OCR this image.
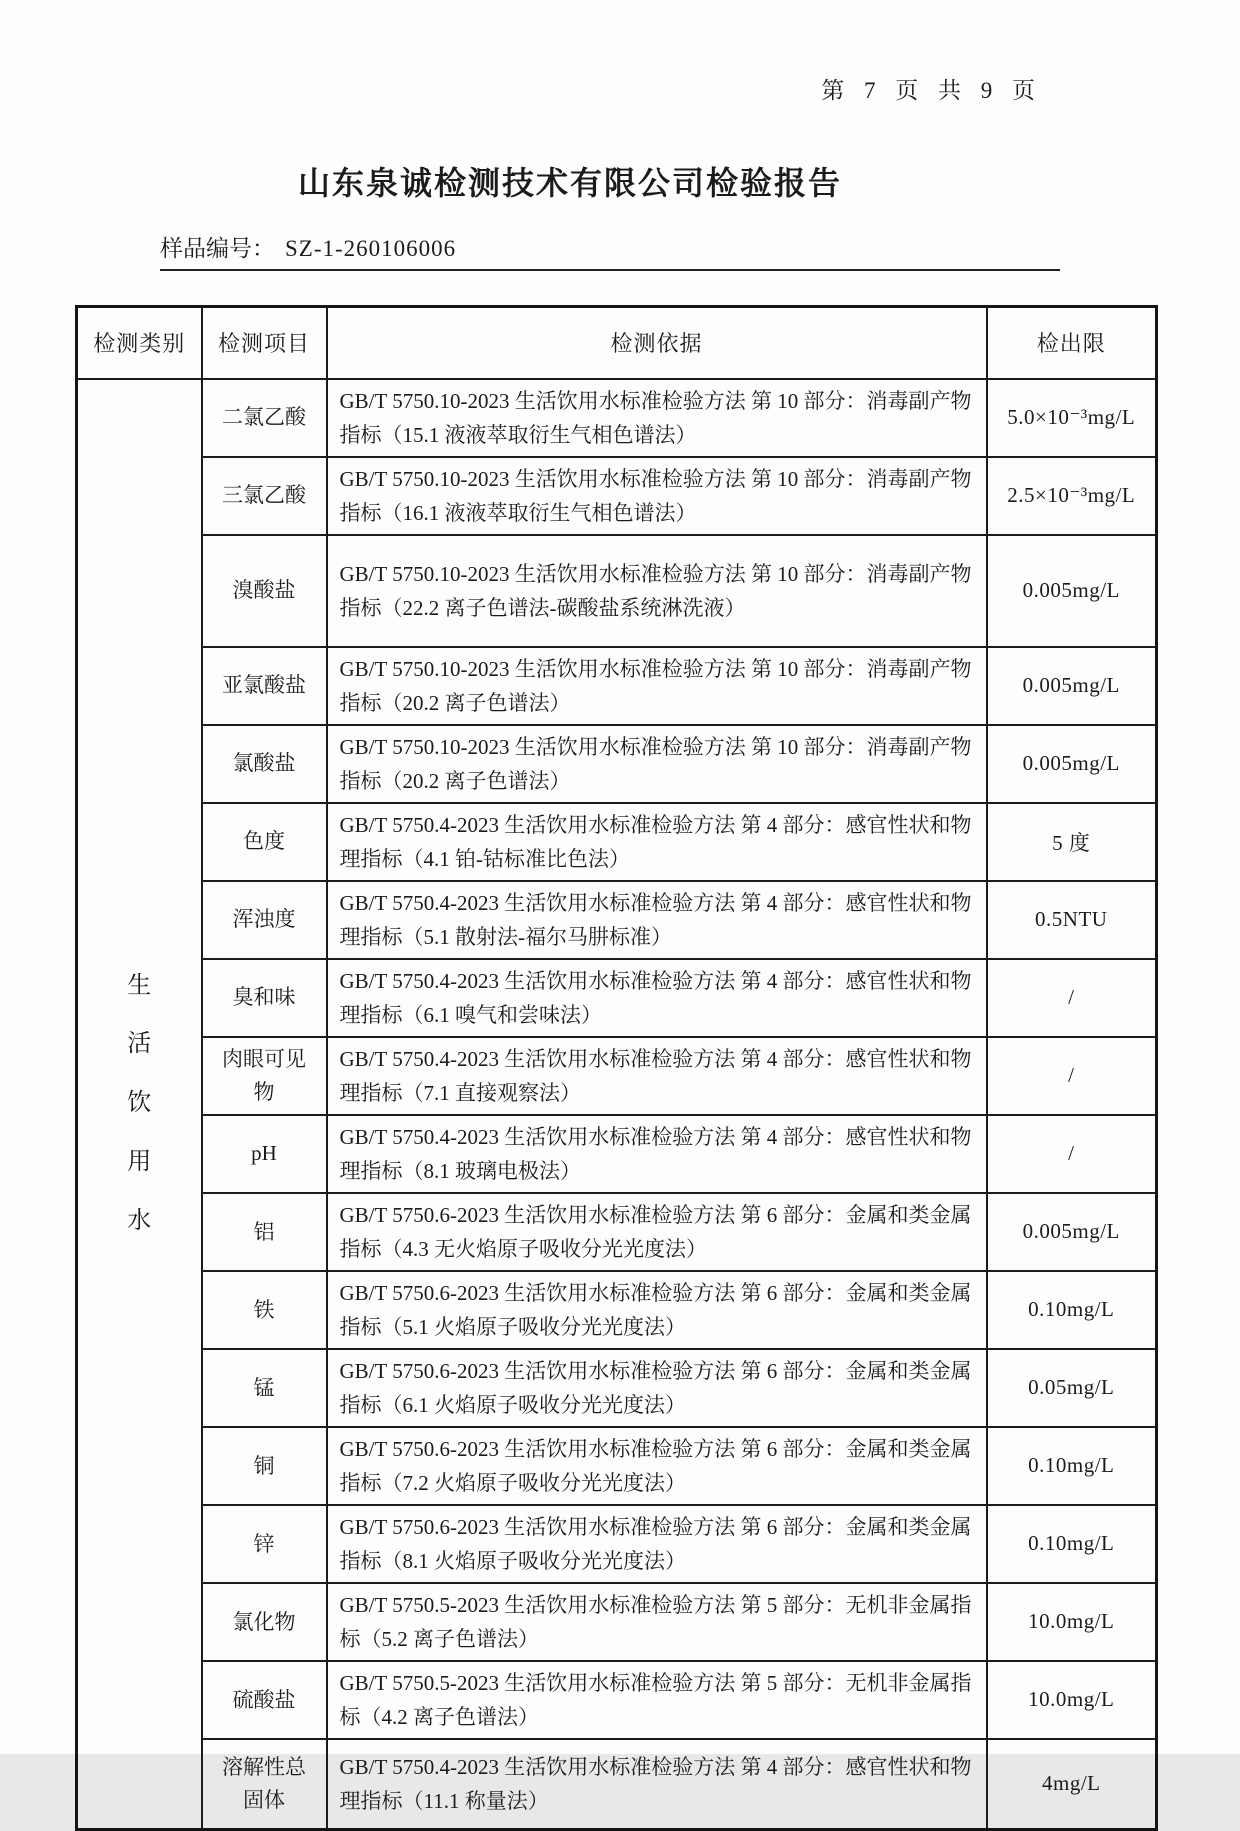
第 7 页 共 9 页
山东泉诚检测技术有限公司检验报告
样品编号： SZ-1-260106006
检测类别	检测项目	检测依据	检出限

生活饮用水	二氯乙酸	GB/T 5750.10-2023 生活饮用水标准检验方法 第 10 部分：消毒副产物指标（15.1 液液萃取衍生气相色谱法）	5.0×10⁻³mg/L
	三氯乙酸	GB/T 5750.10-2023 生活饮用水标准检验方法 第 10 部分：消毒副产物指标（16.1 液液萃取衍生气相色谱法）	2.5×10⁻³mg/L
	溴酸盐	GB/T 5750.10-2023 生活饮用水标准检验方法 第 10 部分：消毒副产物指标（22.2 离子色谱法-碳酸盐系统淋洗液）	0.005mg/L
	亚氯酸盐	GB/T 5750.10-2023 生活饮用水标准检验方法 第 10 部分：消毒副产物指标（20.2 离子色谱法）	0.005mg/L
	氯酸盐	GB/T 5750.10-2023 生活饮用水标准检验方法 第 10 部分：消毒副产物指标（20.2 离子色谱法）	0.005mg/L
	色度	GB/T 5750.4-2023 生活饮用水标准检验方法 第 4 部分：感官性状和物理指标（4.1 铂-钴标准比色法）	5 度
	浑浊度	GB/T 5750.4-2023 生活饮用水标准检验方法 第 4 部分：感官性状和物理指标（5.1 散射法-福尔马肼标准）	0.5NTU
	臭和味	GB/T 5750.4-2023 生活饮用水标准检验方法 第 4 部分：感官性状和物理指标（6.1 嗅气和尝味法）	/
	肉眼可见物	GB/T 5750.4-2023 生活饮用水标准检验方法 第 4 部分：感官性状和物理指标（7.1 直接观察法）	/
	pH	GB/T 5750.4-2023 生活饮用水标准检验方法 第 4 部分：感官性状和物理指标（8.1 玻璃电极法）	/
	铝	GB/T 5750.6-2023 生活饮用水标准检验方法 第 6 部分：金属和类金属指标（4.3 无火焰原子吸收分光光度法）	0.005mg/L
	铁	GB/T 5750.6-2023 生活饮用水标准检验方法 第 6 部分：金属和类金属指标（5.1 火焰原子吸收分光光度法）	0.10mg/L
	锰	GB/T 5750.6-2023 生活饮用水标准检验方法 第 6 部分：金属和类金属指标（6.1 火焰原子吸收分光光度法）	0.05mg/L
	铜	GB/T 5750.6-2023 生活饮用水标准检验方法 第 6 部分：金属和类金属指标（7.2 火焰原子吸收分光光度法）	0.10mg/L
	锌	GB/T 5750.6-2023 生活饮用水标准检验方法 第 6 部分：金属和类金属指标（8.1 火焰原子吸收分光光度法）	0.10mg/L
	氯化物	GB/T 5750.5-2023 生活饮用水标准检验方法 第 5 部分：无机非金属指标（5.2 离子色谱法）	10.0mg/L
	硫酸盐	GB/T 5750.5-2023 生活饮用水标准检验方法 第 5 部分：无机非金属指标（4.2 离子色谱法）	10.0mg/L
	溶解性总固体	GB/T 5750.4-2023 生活饮用水标准检验方法 第 4 部分：感官性状和物理指标（11.1 称量法）	4mg/L
